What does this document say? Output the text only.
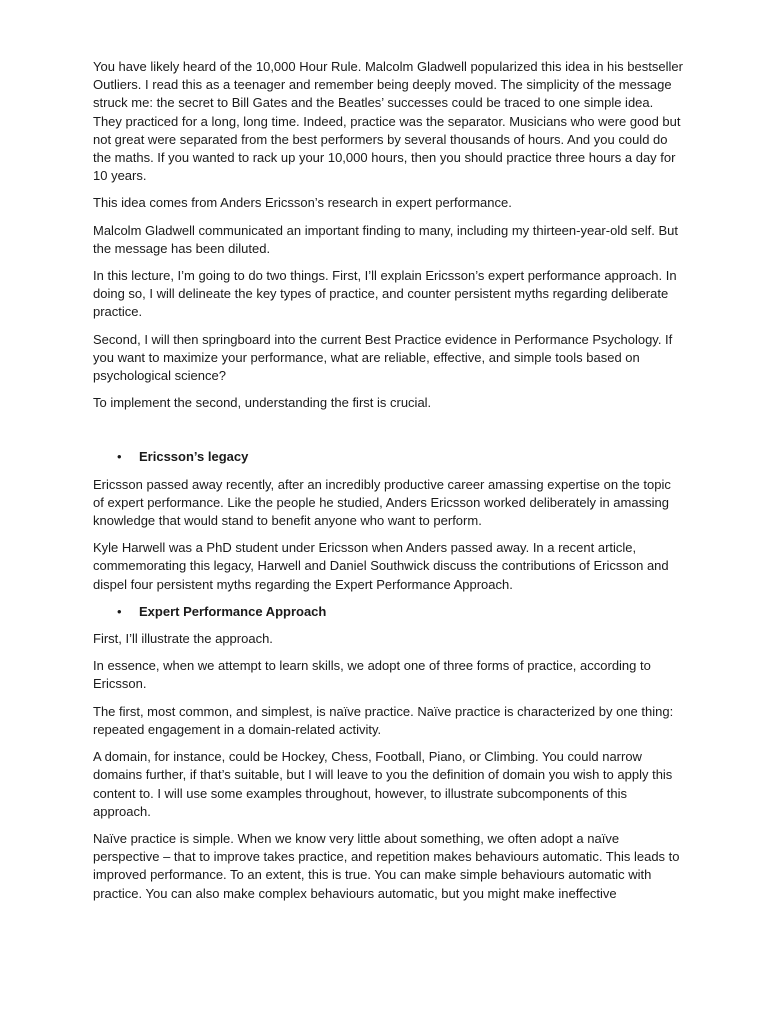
You have likely heard of the 10,000 Hour Rule. Malcolm Gladwell popularized this idea in his bestseller Outliers. I read this as a teenager and remember being deeply moved. The simplicity of the message struck me: the secret to Bill Gates and the Beatles’ successes could be traced to one simple idea. They practiced for a long, long time. Indeed, practice was the separator. Musicians who were good but not great were separated from the best performers by several thousands of hours. And you could do the maths. If you wanted to rack up your 10,000 hours, then you should practice three hours a day for 10 years.

This idea comes from Anders Ericsson’s research in expert performance.

Malcolm Gladwell communicated an important finding to many, including my thirteen-year-old self. But the message has been diluted.

In this lecture, I’m going to do two things. First, I’ll explain Ericsson’s expert performance approach. In doing so, I will delineate the key types of practice, and counter persistent myths regarding deliberate practice.

Second, I will then springboard into the current Best Practice evidence in Performance Psychology. If you want to maximize your performance, what are reliable, effective, and simple tools based on psychological science?

To implement the second, understanding the first is crucial.

• Ericsson’s legacy

Ericsson passed away recently, after an incredibly productive career amassing expertise on the topic of expert performance. Like the people he studied, Anders Ericsson worked deliberately in amassing knowledge that would stand to benefit anyone who want to perform.

Kyle Harwell was a PhD student under Ericsson when Anders passed away. In a recent article, commemorating this legacy, Harwell and Daniel Southwick discuss the contributions of Ericsson and dispel four persistent myths regarding the Expert Performance Approach.

• Expert Performance Approach

First, I’ll illustrate the approach.

In essence, when we attempt to learn skills, we adopt one of three forms of practice, according to Ericsson.

The first, most common, and simplest, is naïve practice. Naïve practice is characterized by one thing: repeated engagement in a domain-related activity.

A domain, for instance, could be Hockey, Chess, Football, Piano, or Climbing. You could narrow domains further, if that’s suitable, but I will leave to you the definition of domain you wish to apply this content to. I will use some examples throughout, however, to illustrate subcomponents of this approach.

Naïve practice is simple. When we know very little about something, we often adopt a naïve perspective – that to improve takes practice, and repetition makes behaviours automatic. This leads to improved performance. To an extent, this is true. You can make simple behaviours automatic with practice. You can also make complex behaviours automatic, but you might make ineffective
